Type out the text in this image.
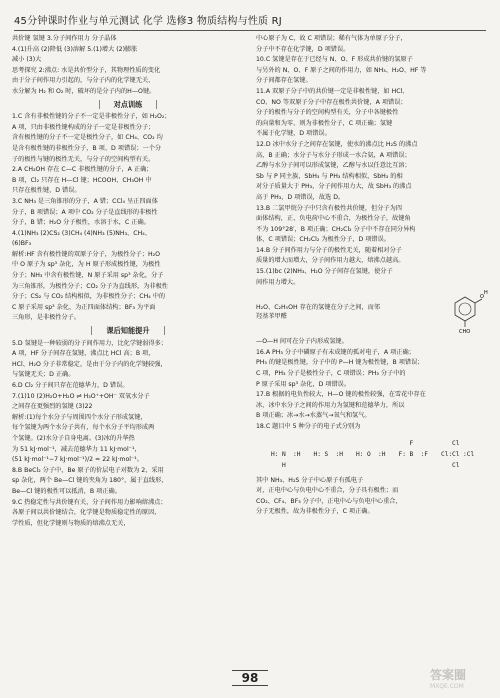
45分钟课时作业与单元测试 化学 选修3 物质结构与性质 RJ

共价键 氢键 3.分子间作用力 分子晶体

4.(1)升高 (2)降低 (3)溶解 5.(1)增大 (2)膨胀

减小 (3)大

思考探究 2:沸点: 水是共价型分子，其物理性质的变化

由于分子间作用力引起的，与分子内的化学键无关，

水分解为 H₂ 和 O₂ 时，破坏的是分子内的H—O键。

对点训练

1.C 含有非极性键的分子不一定是非极性分子，如 H₂O₂；

A 项，只由非极性键构成的分子一定是非极性分子；

含有极性键的分子不一定是极性分子，如 CH₄、CO₂ 均

是含有极性键的非极性分子，B 项、D 项错误；一个分

子的极性与键的极性无关，与分子的空间构型有关。

2.A CH₂OH 存在 C—C 非极性键的分子，A 正确；

B 项，Cl₂ 只存在 H—Cl 键；HCOOH、CH₃OH 中

只存在极性键，D 错误。

3.C NH₃ 是三角锥形的分子，A 错；CCl₄ 呈正四面体

分子，B 项错误；A 项中 CO₂ 分子是直线形的非极性

分子，B 错；H₂O 分子极性，水溶于水，C 正确。

4.(1)NH₃ (2)CS₂ (3)CH₄ (4)NH₃ (5)NH₃、CH₄、

(6)BF₃

解析:HF 含有极性键的双原子分子，为极性分子；H₂O

中 O 原子为 sp³ 杂化，为 H 原子形成极性键，为极性

分子；NH₃ 中含有极性键，N 原子采用 sp³ 杂化，分子

为三角锥形，为极性分子；CO₂ 分子为直线形，为非极性

分子；CS₂ 与 CO₂ 结构相似，为非极性分子；CH₄ 中的

C 原子采用 sp³ 杂化，为正四面体结构；BF₃ 为平面

三角形，是非极性分子。

课后知能提升

5.D 氢键是一种较弱的分子间作用力，比化学键弱得多；

A 项，HF 分子间存在氢键，沸点比 HCl 高；B 项，

HCl、H₂O 分子非常稳定，是由于分子内的化学键较强，

与氢键无关；D 正确。

6.D Cl₂ 分子间只存在范德华力，D 错误。

7.(1)10 (2)H₂O+H₂O ⇌ H₃O⁺+OH⁻ 双氧水分子

之间存在更强烈的氢键 (3)22

解析:(1)每个水分子与周围四个水分子形成氢键，

每个氢键为两个水分子共有，每个水分子平均形成两

个氢键。(2)水分子自身电离。(3)冰的升华热

为 51 kJ·mol⁻¹，减去范德华力 11 kJ·mol⁻¹，

(51 kJ·mol⁻¹−7 kJ·mol⁻¹)/2 = 22 kJ·mol⁻¹。

8.B BeCl₂ 分子中，Be 原子的价层电子对数为 2，采用

sp 杂化，两个 Be—Cl 键的夹角为 180°，属于直线形，

Be—Cl 键的极性可以抵消，B 项正确。

9.C 热稳定性与共价键有关，分子间作用力影响熔沸点；

各原子间以共价键结合，化学键是物质稳定性的原因，

学性质，但化学键则与物质的熔沸点无关，

中心原子为 C，故 C 项错误；稀有气体为单原子分子，

分子中不存在化学键，D 项错误。

10.C 氢键是存在于已经与 N、O、F 形成共价键的氢原子

与另外的 N、O、F 原子之间的作用力，如 NH₃、H₂O、HF 等

分子间都存在氢键。

11.A 双原子分子中的共价键一定是非极性键，如 HCl、

CO、NO 等双原子分子中存在极性共价键，A 项错误；

分子的极性与分子的空间构型有关，分子中各键极性

的向量和为零，则为非极性分子，C 项正确；氢键

不属于化学键，D 项错误。

12.D 冰中水分子之间存在氢键，使水的沸点比 H₂S 的沸点

高，B 正确；水分子与水分子形成一水合氨，A 项错误；

乙醇与水分子间可以形成氢键，乙醇与水以任意比互溶；

Sb 与 P 同主族，SbH₃ 与 PH₃ 结构相似，SbH₃ 的相

对分子质量大于 PH₃，分子间作用力大，故 SbH₃ 的沸点

高于 PH₃，D 项错误，故选 D。

13.B 二氯甲烷分子中只含有极性共价键，但分子为四

面体结构，正、负电荷中心不重合，为极性分子，故键角

不为 109°28′，B 项正确；CH₂Cl₂ 分子中不存在同分异构

体，C 项错误；CH₂Cl₂ 为极性分子，D 项错误。

14.B 分子间作用力与分子的极性无关，随着相对分子

质量的增大而增大，分子间作用力越大，熔沸点越高。

15.(1)bc (2)NH₃、H₂O 分子间存在氢键，使分子

间作用力增大。

H₂O、C₂H₅OH 存在的氢键在分子之间，而邻
羟基苯甲醛
O
H
CHO

—O—H 间可在分子内形成氢键。

16.A PH₃ 分子中磷原子有未成键的孤对电子，A 项正确；

PH₃ 的键是极性键，分子中的 P—H 键为极性键，B 项错误；

C 项，PH₃ 分子是极性分子，C 项错误；PH₃ 分子中的

P 原子采用 sp³ 杂化，D 项错误。

17.B 根据的电负性较大，H—O 键的极性较强，在雪花中存在

冰，冰中水分子之间的作用力为氢键和范德华力，所以

B 项正确；冰→水→水蒸气→氧气和氢气。

18.C 题目中 5 种分子的电子式分别为

H: N :H
H
H: S :H H: O :H
F
F: B :F
Cl
Cl: Cl :Cl
Cl

其中 NH₃、H₂S 分子中心原子有孤电子

对，正电中心与负电中心不重合，分子具有极性；而

CO₂、CF₄、BF₃ 分子中，正电中心与负电中心重合，

分子无极性，故为非极性分子，C 项正确。

98	答案圈
MXQE.COM
